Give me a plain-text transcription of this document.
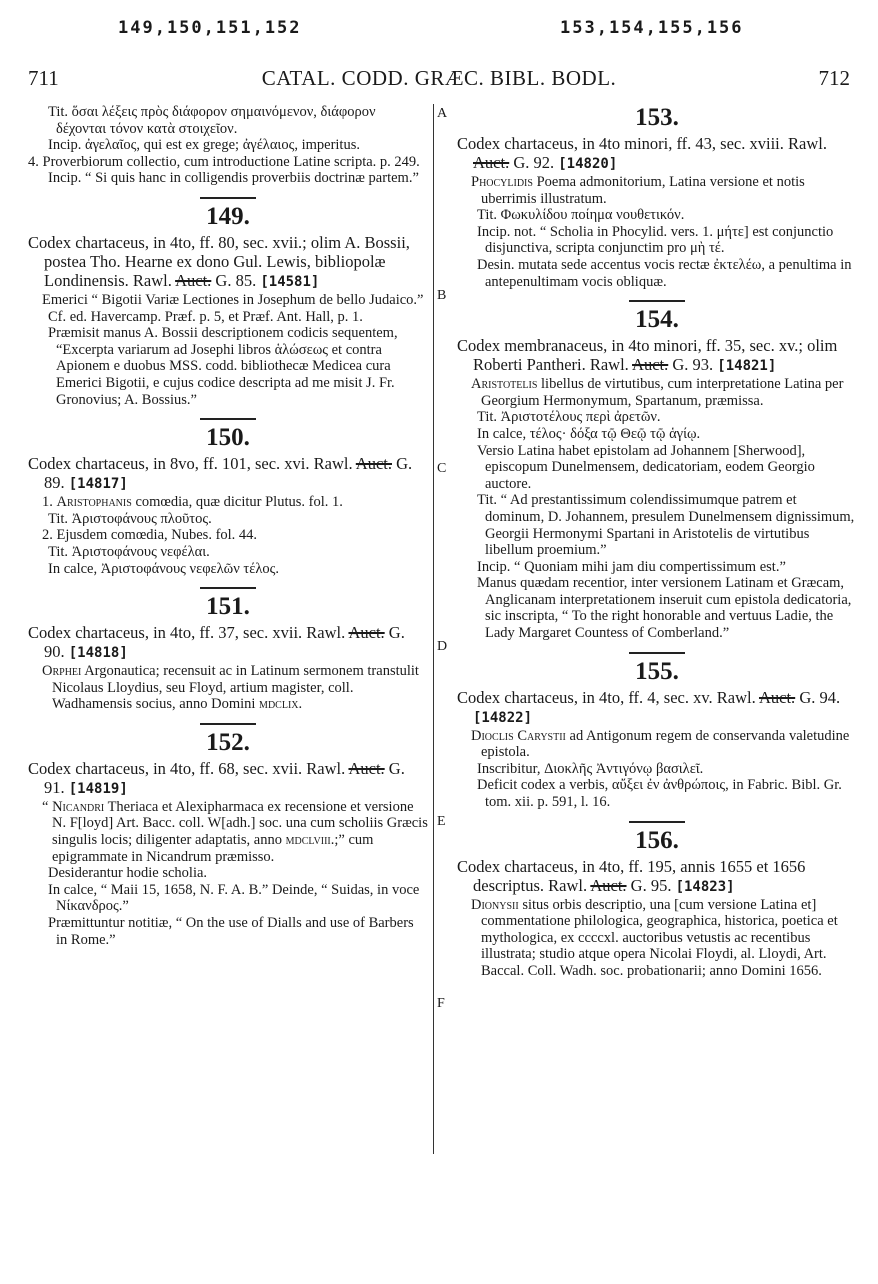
149,150,151,152	153,154,155,156
711	CATAL. CODD. GRÆC. BIBL. BODL.	712
A
B
C
D
E
F

Tit. ὅσαι λέξεις πρὸς διάφορον σημαινόμενον, διάφορον δέχονται τόνον κατὰ στοιχεῖον.

Incip. ἀγελαῖος, qui est ex grege; ἀγέλαιος, imperitus.

4. Proverbiorum collectio, cum introductione Latine scripta. p. 249.

Incip. “ Si quis hanc in colligendis proverbiis doctrinæ partem.”

149.

Codex chartaceus, in 4to, ff. 80, sec. xvii.; olim A. Bossii, postea Tho. Hearne ex dono Gul. Lewis, bibliopolæ Londinensis. Rawl. Auct. G. 85. [14581]

Emerici “ Bigotii Variæ Lectiones in Josephum de bello Judaico.”

Cf. ed. Havercamp. Præf. p. 5, et Præf. Ant. Hall, p. 1.

Præmisit manus A. Bossii descriptionem codicis sequentem, “Excerpta variarum ad Josephi libros ἁλώσεως et contra Apionem e duobus MSS. codd. bibliothecæ Medicea cura Emerici Bigotii, e cujus codice descripta ad me misit J. Fr. Gronovius; A. Bossius.”

150.

Codex chartaceus, in 8vo, ff. 101, sec. xvi. Rawl. Auct. G. 89. [14817]

1. Aristophanis comœdia, quæ dicitur Plutus. fol. 1.

Tit. Ἀριστοφάνους πλοῦτος.

2. Ejusdem comœdia, Nubes. fol. 44.

Tit. Ἀριστοφάνους νεφέλαι.

In calce, Ἀριστοφάνους νεφελῶν τέλος.

151.

Codex chartaceus, in 4to, ff. 37, sec. xvii. Rawl. Auct. G. 90. [14818]

Orphei Argonautica; recensuit ac in Latinum sermonem transtulit Nicolaus Lloydius, seu Floyd, artium magister, coll. Wadhamensis socius, anno Domini mdclix.

152.

Codex chartaceus, in 4to, ff. 68, sec. xvii. Rawl. Auct. G. 91. [14819]

“ Nicandri Theriaca et Alexipharmaca ex recensione et versione N. F[loyd] Art. Bacc. coll. W[adh.] soc. una cum scholiis Græcis singulis locis; diligenter adaptatis, anno mdclviii.;” cum epigrammate in Nicandrum præmisso.

Desiderantur hodie scholia.

In calce, “ Maii 15, 1658, N. F. A. B.” Deinde, “ Suidas, in voce Νίκανδρος.”

Præmittuntur notitiæ, “ On the use of Dialls and use of Barbers in Rome.”

153.

Codex chartaceus, in 4to minori, ff. 43, sec. xviii. Rawl. Auct. G. 92. [14820]

Phocylidis Poema admonitorium, Latina versione et notis uberrimis illustratum.

Tit. Φωκυλίδου ποίημα νουθετικόν.

Incip. not. “ Scholia in Phocylid. vers. 1. μήτε] est conjunctio disjunctiva, scripta conjunctim pro μὴ τέ.

Desin. mutata sede accentus vocis rectæ ἐκτελέω, a penultima in antepenultimam vocis obliquæ.

154.

Codex membranaceus, in 4to minori, ff. 35, sec. xv.; olim Roberti Pantheri. Rawl. Auct. G. 93. [14821]

Aristotelis libellus de virtutibus, cum interpretatione Latina per Georgium Hermonymum, Spartanum, præmissa.

Tit. Ἀριστοτέλους περὶ ἀρετῶν.

In calce, τέλος· δόξα τῷ Θεῷ τῷ ἁγίῳ.

Versio Latina habet epistolam ad Johannem [Sherwood], episcopum Dunelmensem, dedicatoriam, eodem Georgio auctore.

Tit. “ Ad prestantissimum colendissimumque patrem et dominum, D. Johannem, presulem Dunelmensem dignissimum, Georgii Hermonymi Spartani in Aristotelis de virtutibus libellum proemium.”

Incip. “ Quoniam mihi jam diu compertissimum est.”

Manus quædam recentior, inter versionem Latinam et Græcam, Anglicanam interpretationem inseruit cum epistola dedicatoria, sic inscripta, “ To the right honorable and vertuus Ladie, the Lady Margaret Countess of Comberland.”

155.

Codex chartaceus, in 4to, ff. 4, sec. xv. Rawl. Auct. G. 94. [14822]

Dioclis Carystii ad Antigonum regem de conservanda valetudine epistola.

Inscribitur, Διοκλῆς Ἀντιγόνῳ βασιλεῖ.

Deficit codex a verbis, αὔξει ἐν ἀνθρώποις, in Fabric. Bibl. Gr. tom. xii. p. 591, l. 16.

156.

Codex chartaceus, in 4to, ff. 195, annis 1655 et 1656 descriptus. Rawl. Auct. G. 95. [14823]

Dionysii situs orbis descriptio, una [cum versione Latina et] commentatione philologica, geographica, historica, poetica et mythologica, ex ccccxl. auctoribus vetustis ac recentibus illustrata; studio atque opera Nicolai Floydi, al. Lloydi, Art. Baccal. Coll. Wadh. soc. probationarii; anno Domini 1656.
